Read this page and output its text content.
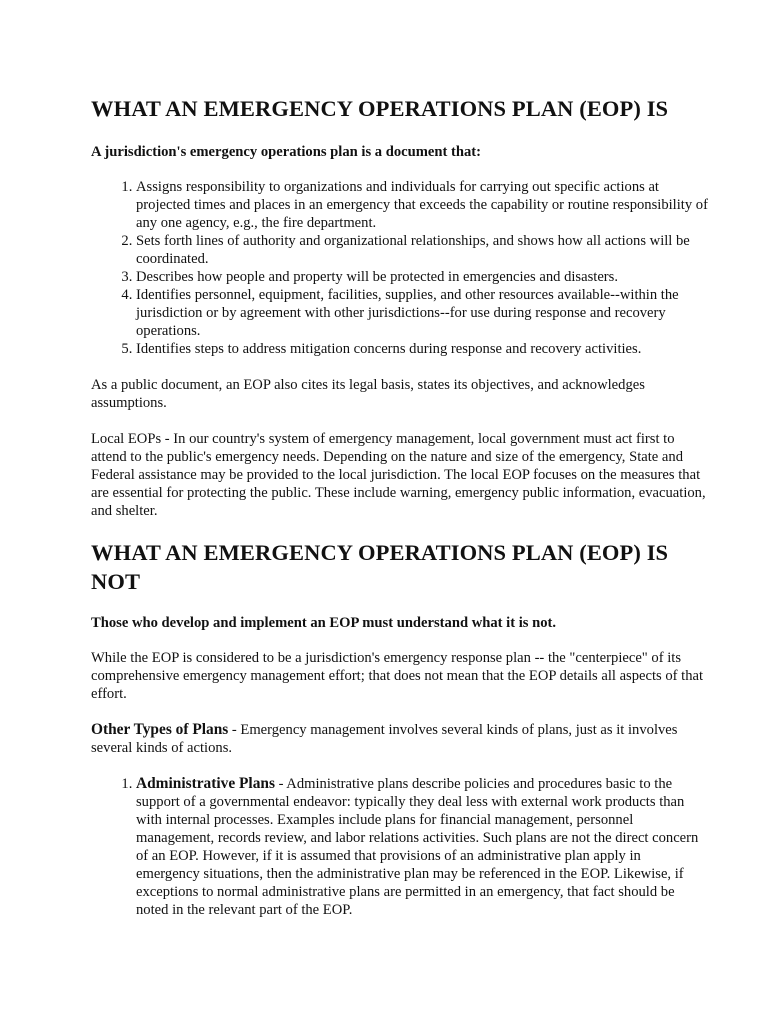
WHAT AN EMERGENCY OPERATIONS PLAN (EOP) IS
A jurisdiction's emergency operations plan is a document that:
1. Assigns responsibility to organizations and individuals for carrying out specific actions at projected times and places in an emergency that exceeds the capability or routine responsibility of any one agency, e.g., the fire department.
2. Sets forth lines of authority and organizational relationships, and shows how all actions will be coordinated.
3. Describes how people and property will be protected in emergencies and disasters.
4. Identifies personnel, equipment, facilities, supplies, and other resources available--within the jurisdiction or by agreement with other jurisdictions--for use during response and recovery operations.
5. Identifies steps to address mitigation concerns during response and recovery activities.

As a public document, an EOP also cites its legal basis, states its objectives, and acknowledges assumptions.

Local EOPs - In our country's system of emergency management, local government must act first to attend to the public's emergency needs. Depending on the nature and size of the emergency, State and Federal assistance may be provided to the local jurisdiction. The local EOP focuses on the measures that are essential for protecting the public. These include warning, emergency public information, evacuation, and shelter.

WHAT AN EMERGENCY OPERATIONS PLAN (EOP) IS NOT
Those who develop and implement an EOP must understand what it is not.

While the EOP is considered to be a jurisdiction's emergency response plan -- the "centerpiece" of its comprehensive emergency management effort; that does not mean that the EOP details all aspects of that effort.

Other Types of Plans - Emergency management involves several kinds of plans, just as it involves several kinds of actions.

1. Administrative Plans - Administrative plans describe policies and procedures basic to the support of a governmental endeavor: typically they deal less with external work products than with internal processes. Examples include plans for financial management, personnel management, records review, and labor relations activities. Such plans are not the direct concern of an EOP. However, if it is assumed that provisions of an administrative plan apply in emergency situations, then the administrative plan may be referenced in the EOP. Likewise, if exceptions to normal administrative plans are permitted in an emergency, that fact should be noted in the relevant part of the EOP.
